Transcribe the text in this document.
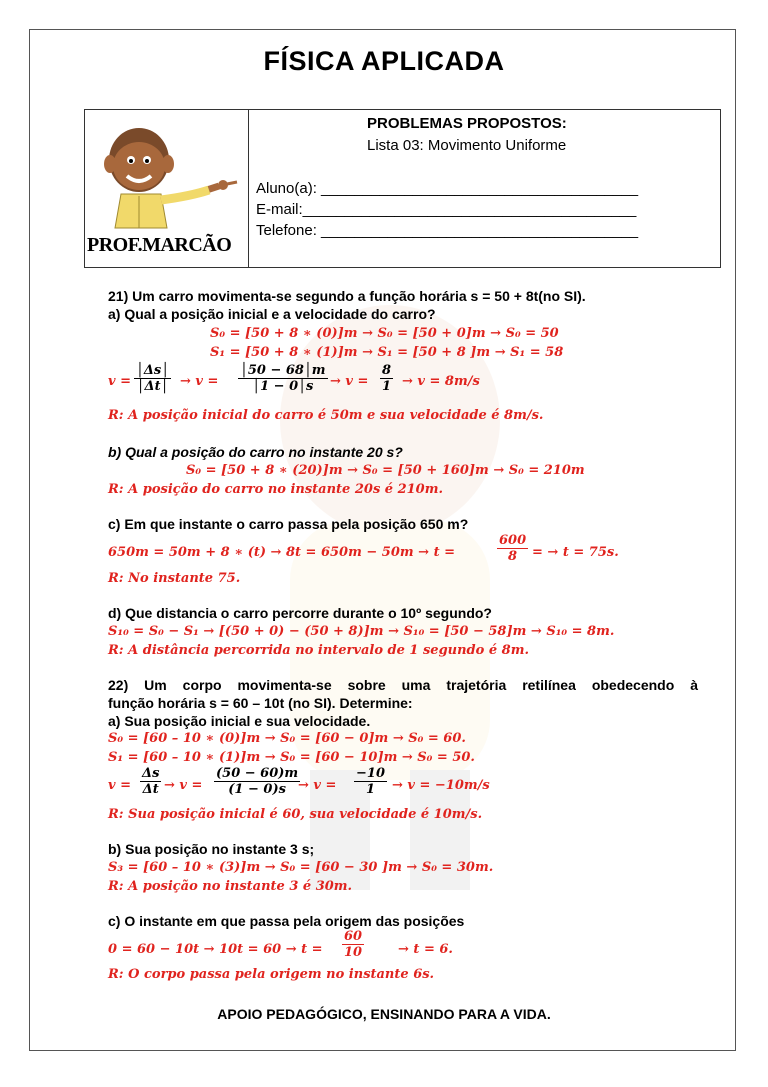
FÍSICA APLICADA
PROF.MARCÃO
PROBLEMAS PROPOSTOS:
Lista 03: Movimento Uniforme
Aluno(a): ______________________________________
E-mail:________________________________________
Telefone: ______________________________________
21) Um carro movimenta-se segundo a função horária s = 50 + 8t(no SI).
a) Qual a posição inicial e a velocidade do carro?
S₀ = [50 + 8 ∗ (0)]m → S₀ = [50 + 0]m → S₀ = 50
S₁ = [50 + 8 ∗ (1)]m → S₁ = [50 + 8 ]m → S₁ = 58
$v = \frac{│\Delta s│}{│\Delta t│} \to v = \frac{│50 - 68│m}{│1 - 0│s} \to v = \frac{8}{1} \to v = 8m/s$
R: A posição inicial do carro é 50m e sua velocidade é 8m/s.
b) Qual a posição do carro no instante 20 s?
S₀ = [50 + 8 ∗ (20)]m → S₀ = [50 + 160]m → S₀ = 210m
R: A posição do carro no instante 20s é 210m.
c) Em que instante o carro passa pela posição 650 m?
650m = 50m + 8 ∗ (t) → 8t = 650m − 50m → t =	$\frac{600}{8}$ = → t = 75s.
R: No instante 75.
d) Que distancia o carro percorre durante o 10º segundo?
S₁₀ = S₀ − S₁ → [(50 + 0) − (50 + 8)]m → S₁₀ = [50 − 58]m → S₁₀ = 8m.
R: A distância percorrida no intervalo de 1 segundo é 8m.
22) Um corpo movimenta-se sobre uma trajetória retilínea obedecendo à
função horária s = 60 – 10t (no SI). Determine:
a) Sua posição inicial e sua velocidade.
S₀ = [60 – 10 ∗ (0)]m → S₀ = [60 − 0]m → S₀ = 60.
S₁ = [60 – 10 ∗ (1)]m → S₀ = [60 − 10]m → S₀ = 50.
$v = \frac{\Delta s}{\Delta t} \to v = \frac{(50 - 60)m}{(1 - 0)s}$
→ $v = \frac{-10}{1} \to v = -10m/s$
R: Sua posição inicial é 60, sua velocidade é 10m/s.
b) Sua posição no instante 3 s;
S₃ = [60 – 10 ∗ (3)]m → S₀ = [60 − 30 ]m → S₀ = 30m.
R: A posição no instante 3 é 30m.
c) O instante em que passa pela origem das posições
$0 = 60 - 10t \to 10t = 60 \to t = \frac{60}{10}$	→ t = 6.
R: O corpo passa pela origem no instante 6s.
APOIO PEDAGÓGICO, ENSINANDO PARA A VIDA.
